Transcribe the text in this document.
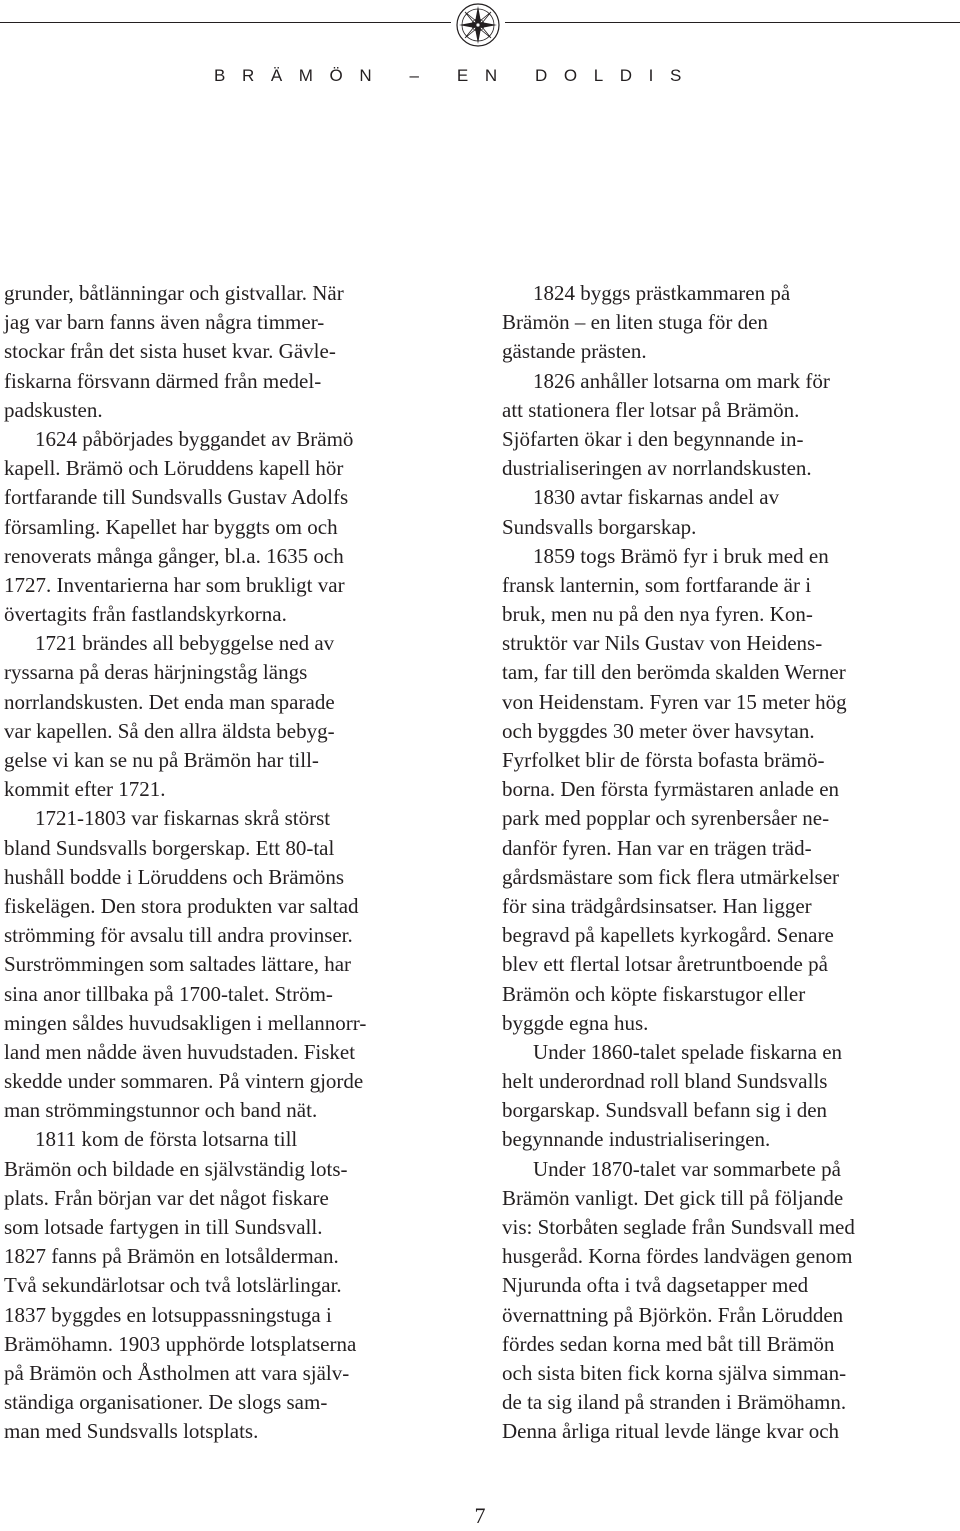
BRÄMÖN – EN DOLDIS
grunder, båtlänningar och gistvallar. När
jag var barn fanns även några timmer-
stockar från det sista huset kvar. Gävle-
fiskarna försvann därmed från medel-
padskusten.
1624 påbörjades byggandet av Brämö
kapell. Brämö och Löruddens kapell hör
fortfarande till Sundsvalls Gustav Adolfs
församling. Kapellet har byggts om och
renoverats många gånger, bl.a. 1635 och
1727. Inventarierna har som brukligt var
övertagits från fastlandskyrkorna.
1721 brändes all bebyggelse ned av
ryssarna på deras härjningståg längs
norrlandskusten. Det enda man sparade
var kapellen. Så den allra äldsta bebyg-
gelse vi kan se nu på Brämön har till-
kommit efter 1721.
1721-1803 var fiskarnas skrå störst
bland Sundsvalls borgerskap. Ett 80-tal
hushåll bodde i Löruddens och Brämöns
fiskelägen. Den stora produkten var saltad
strömming för avsalu till andra provinser.
Surströmmingen som saltades lättare, har
sina anor tillbaka på 1700-talet. Ström-
mingen såldes huvudsakligen i mellannorr-
land men nådde även huvudstaden. Fisket
skedde under sommaren. På vintern gjorde
man strömmingstunnor och band nät.
1811 kom de första lotsarna till
Brämön och bildade en självständig lots-
plats. Från början var det något fiskare
som lotsade fartygen in till Sundsvall.
1827 fanns på Brämön en lotsålderman.
Två sekundärlotsar och två lotslärlingar.
1837 byggdes en lotsuppassningstuga i
Brämöhamn. 1903 upphörde lotsplatserna
på Brämön och Åstholmen att vara själv-
ständiga organisationer. De slogs sam-
man med Sundsvalls lotsplats.
1824 byggs prästkammaren på
Brämön – en liten stuga för den
gästande prästen.
1826 anhåller lotsarna om mark för
att stationera fler lotsar på Brämön.
Sjöfarten ökar i den begynnande in-
dustrialiseringen av norrlandskusten.
1830 avtar fiskarnas andel av
Sundsvalls borgarskap.
1859 togs Brämö fyr i bruk med en
fransk lanternin, som fortfarande är i
bruk, men nu på den nya fyren. Kon-
struktör var Nils Gustav von Heidens-
tam, far till den berömda skalden Werner
von Heidenstam. Fyren var 15 meter hög
och byggdes 30 meter över havsytan.
Fyrfolket blir de första bofasta brämö-
borna. Den första fyrmästaren anlade en
park med popplar och syrenbersåer ne-
danför fyren. Han var en trägen träd-
gårdsmästare som fick flera utmärkelser
för sina trädgårdsinsatser. Han ligger
begravd på kapellets kyrkogård. Senare
blev ett flertal lotsar åretruntboende på
Brämön och köpte fiskarstugor eller
byggde egna hus.
Under 1860-talet spelade fiskarna en
helt underordnad roll bland Sundsvalls
borgarskap. Sundsvall befann sig i den
begynnande industrialiseringen.
Under 1870-talet var sommarbete på
Brämön vanligt. Det gick till på följande
vis: Storbåten seglade från Sundsvall med
husgeråd. Korna fördes landvägen genom
Njurunda ofta i två dagsetapper med
övernattning på Björkön. Från Lörudden
fördes sedan korna med båt till Brämön
och sista biten fick korna själva simman-
de ta sig iland på stranden i Brämöhamn.
Denna årliga ritual levde länge kvar och
7
